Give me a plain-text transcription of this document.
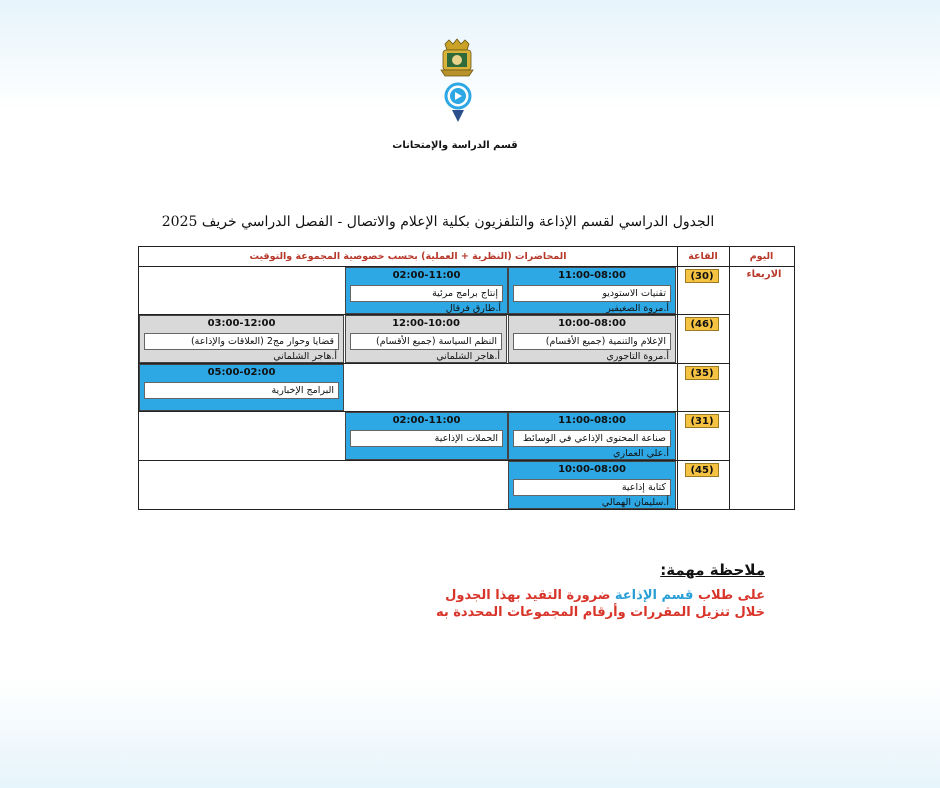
قسم الدراسة والإمتحانات
الجدول الدراسي لقسم الإذاعة والتلفزيون بكلية الإعلام والاتصال - الفصل الدراسي خريف 2025
المحاضرات (النظرية + العملية) بحسب خصوصية المجموعة والتوقيت	القاعة	اليوم
الاربعاء
(30)
11:00-08:00
تقنيات الاستوديو
أ.مروة الصغيفير
02:00-11:00
إنتاج برامج مرئية
أ.طارق فرقال
(46)
10:00-08:00
الإعلام والتنمية (جميع الأقسام)
أ.مروة التاجوري
12:00-10:00
النظم السياسة (جميع الأقسام)
أ.هاجر الشلماني
03:00-12:00
قضايا وحوار مج2 (العلاقات والإذاعة)
أ.هاجر الشلماني
(35)
05:00-02:00
البرامج الإخبارية
(31)
11:00-08:00
صناعة المحتوى الإذاعي في الوسائط
أ.علي العماري
02:00-11:00
الحملات الإذاعية
(45)
10:00-08:00
كتابة إذاعية
أ.سليمان الهمالي
ملاحظة مهمة:
على طلاب قسم الإذاعة ضرورة التقيد بهذا الجدول
خلال تنزيل المقررات وأرقام المجموعات المحددة به
